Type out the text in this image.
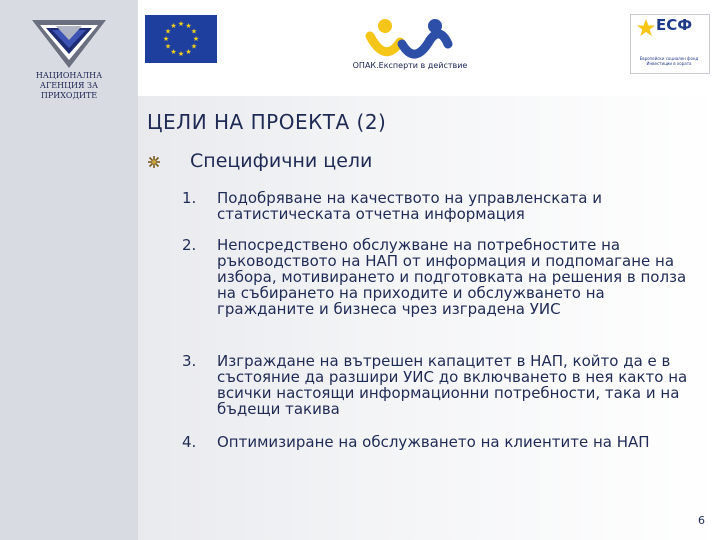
НАЦИОНАЛНА
АГЕНЦИЯ ЗА
ПРИХОДИТЕ
★ ★
★
★
★
★
★
★
★
★
★
★
ОПАК.Експерти в действие
ЕСФ
Европейски социален фонд
Инвестиции в хората
ЦЕЛИ НА ПРОЕКТА (2)
Специфични цели
1. Подобряване на качеството на управленската и статистическата отчетна информация
2. Непосредствено обслужване на потребностите на ръководството на НАП от информация и подпомагане на избора, мотивирането и подготовката на решения в полза на събирането на приходите и обслужването на гражданите и бизнеса чрез изградена УИС
3. Изграждане на вътрешен капацитет в НАП, който да е в състояние да разшири УИС до включването в нея както на всички настоящи информационни потребности, така и на бъдещи такива
4. Оптимизиране на обслужването на клиентите на НАП
6
